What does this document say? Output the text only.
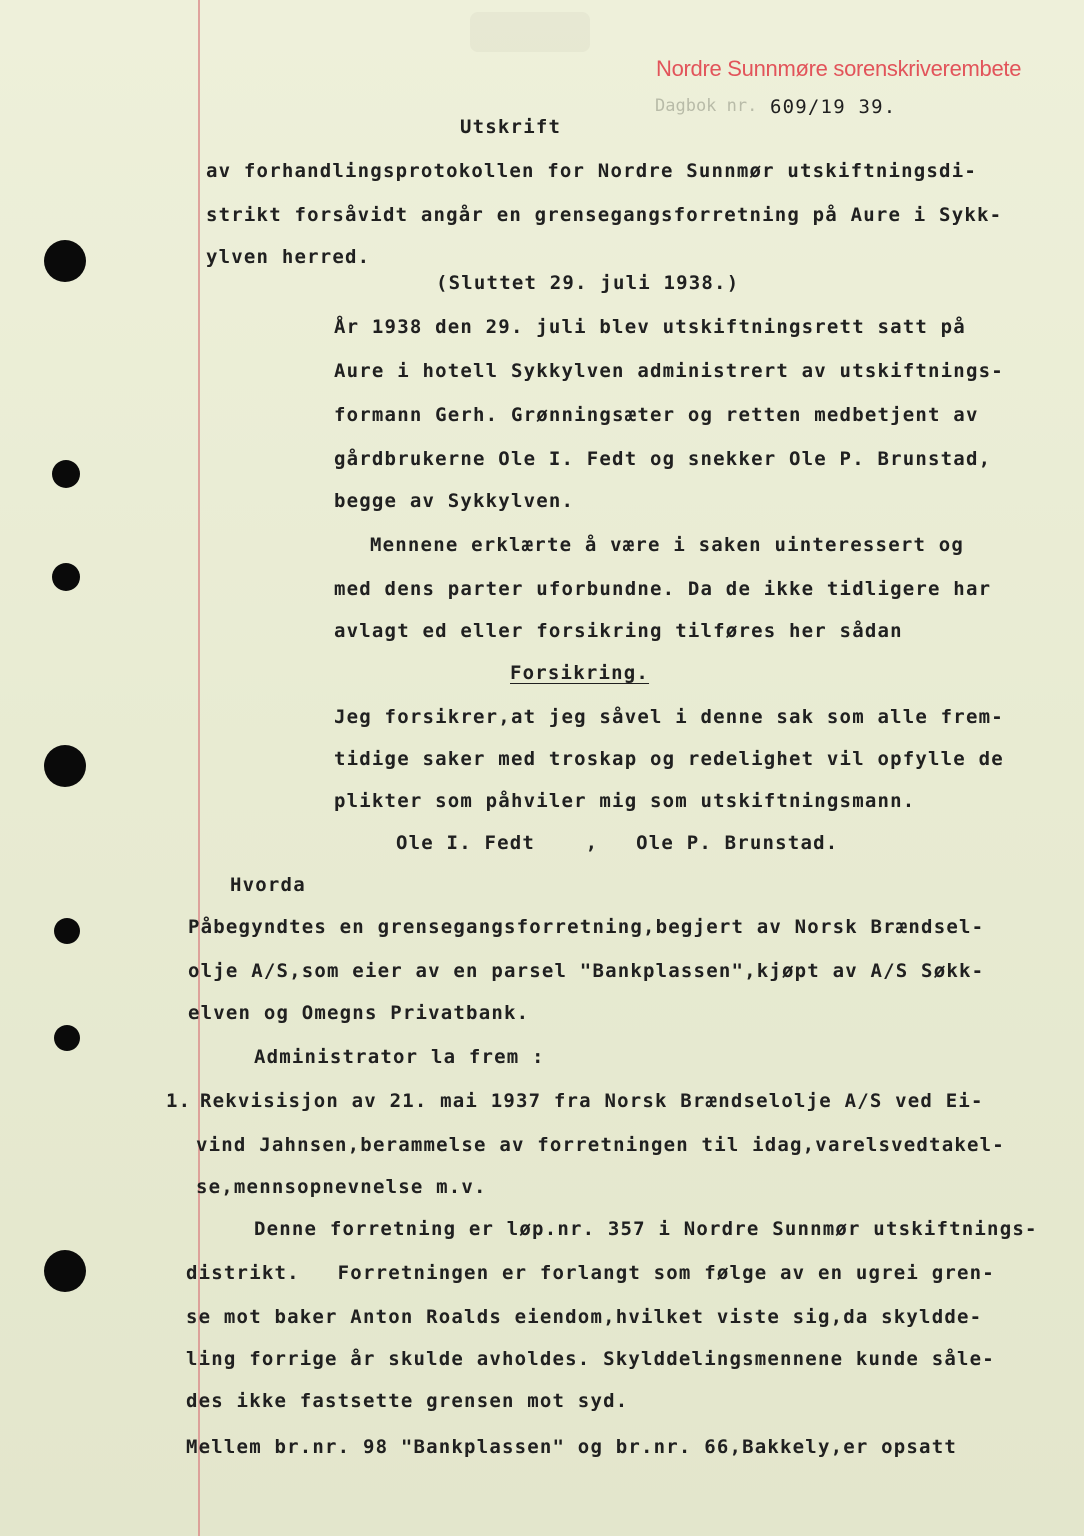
Nordre Sunnmøre sorenskriverembete
Dagbok nr. 609/19 39.
Utskrift
av forhandlingsprotokollen for Nordre Sunnmør utskiftningsdi-
strikt forsåvidt angår en grensegangsforretning på Aure i Sykk-
ylven herred.
(Sluttet 29. juli 1938.)
År 1938 den 29. juli blev utskiftningsrett satt på
Aure i hotell Sykkylven administrert av utskiftnings-
formann Gerh. Grønningsæter og retten medbetjent av
gårdbrukerne Ole I. Fedt og snekker Ole P. Brunstad,
begge av Sykkylven.
Mennene erklærte å være i saken uinteressert og
med dens parter uforbundne. Da de ikke tidligere har
avlagt ed eller forsikring tilføres her sådan
Forsikring.
Jeg forsikrer,at jeg såvel i denne sak som alle frem-
tidige saker med troskap og redelighet vil opfylle de
plikter som påhviler mig som utskiftningsmann.
Ole I. Fedt    ,   Ole P. Brunstad.
Hvorda
Påbegyndtes en grensegangsforretning,begjert av Norsk Brændsel-
olje A/S,som eier av en parsel "Bankplassen",kjøpt av A/S Søkk-
elven og Omegns Privatbank.
Administrator la frem :
1. Rekvisisjon av 21. mai 1937 fra Norsk Brændselolje A/S ved Ei-
vind Jahnsen,berammelse av forretningen til idag,varelsvedtakel-
se,mennsopnevnelse m.v.
Denne forretning er løp.nr. 357 i Nordre Sunnmør utskiftnings-
distrikt.   Forretningen er forlangt som følge av en ugrei gren-
se mot baker Anton Roalds eiendom,hvilket viste sig,da skyldde-
ling forrige år skulde avholdes. Skylddelingsmennene kunde såle-
des ikke fastsette grensen mot syd.
Mellem br.nr. 98 "Bankplassen" og br.nr. 66,Bakkely,er opsatt
